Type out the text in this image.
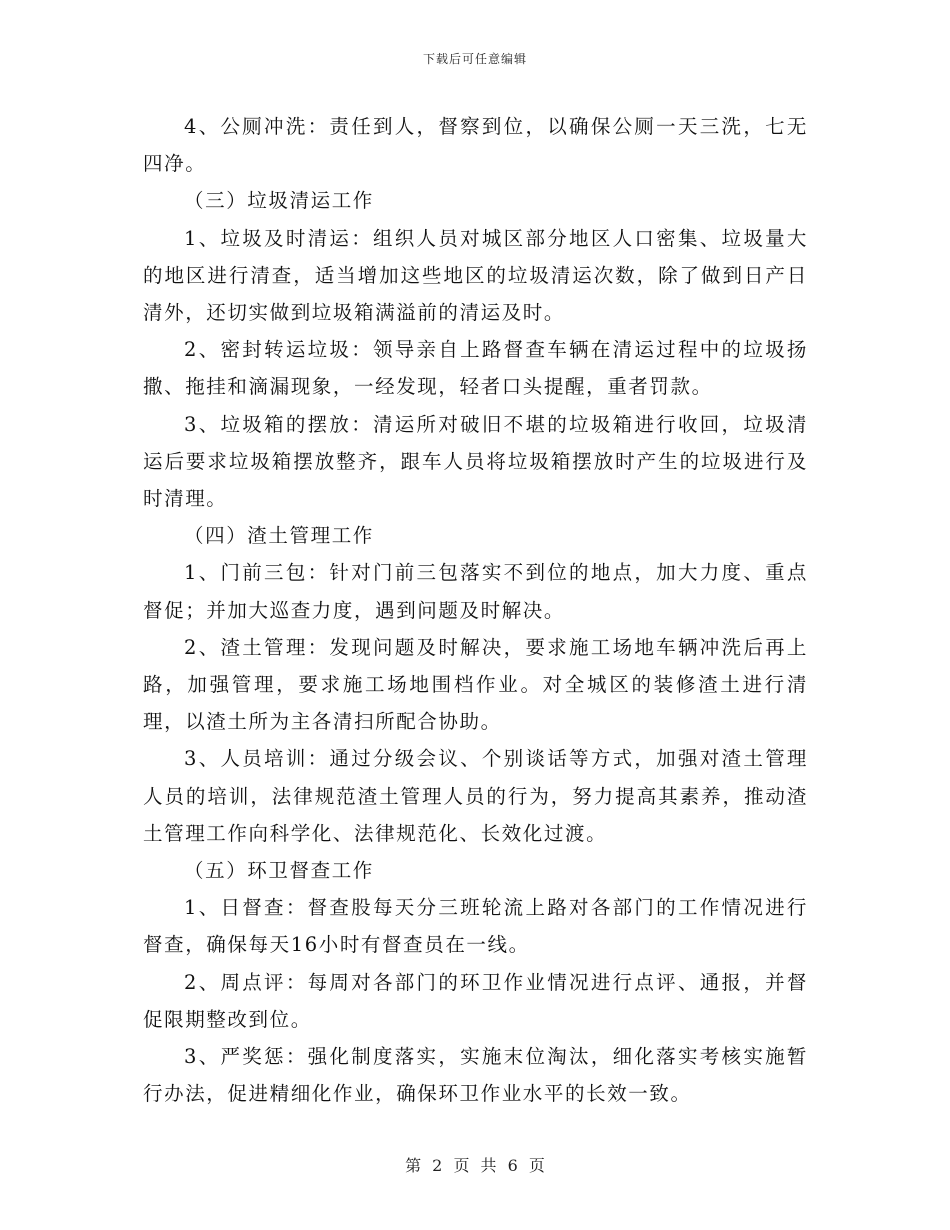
下载后可任意编辑

4、公厕冲洗：责任到人，督察到位，以确保公厕一天三洗，七无四净。

（三）垃圾清运工作

1、垃圾及时清运：组织人员对城区部分地区人口密集、垃圾量大的地区进行清查，适当增加这些地区的垃圾清运次数，除了做到日产日清外，还切实做到垃圾箱满溢前的清运及时。

2、密封转运垃圾：领导亲自上路督查车辆在清运过程中的垃圾扬撒、拖挂和滴漏现象，一经发现，轻者口头提醒，重者罚款。

3、垃圾箱的摆放：清运所对破旧不堪的垃圾箱进行收回，垃圾清运后要求垃圾箱摆放整齐，跟车人员将垃圾箱摆放时产生的垃圾进行及时清理。

（四）渣土管理工作

1、门前三包：针对门前三包落实不到位的地点，加大力度、重点督促；并加大巡查力度，遇到问题及时解决。

2、渣土管理：发现问题及时解决，要求施工场地车辆冲洗后再上路，加强管理，要求施工场地围档作业。对全城区的装修渣土进行清理，以渣土所为主各清扫所配合协助。

3、人员培训：通过分级会议、个别谈话等方式，加强对渣土管理人员的培训，法律规范渣土管理人员的行为，努力提高其素养，推动渣土管理工作向科学化、法律规范化、长效化过渡。

（五）环卫督查工作

1、日督查：督查股每天分三班轮流上路对各部门的工作情况进行督查，确保每天16小时有督查员在一线。

2、周点评：每周对各部门的环卫作业情况进行点评、通报，并督促限期整改到位。

3、严奖惩：强化制度落实，实施末位淘汰，细化落实考核实施暂行办法，促进精细化作业，确保环卫作业水平的长效一致。

第 2 页 共 6 页
